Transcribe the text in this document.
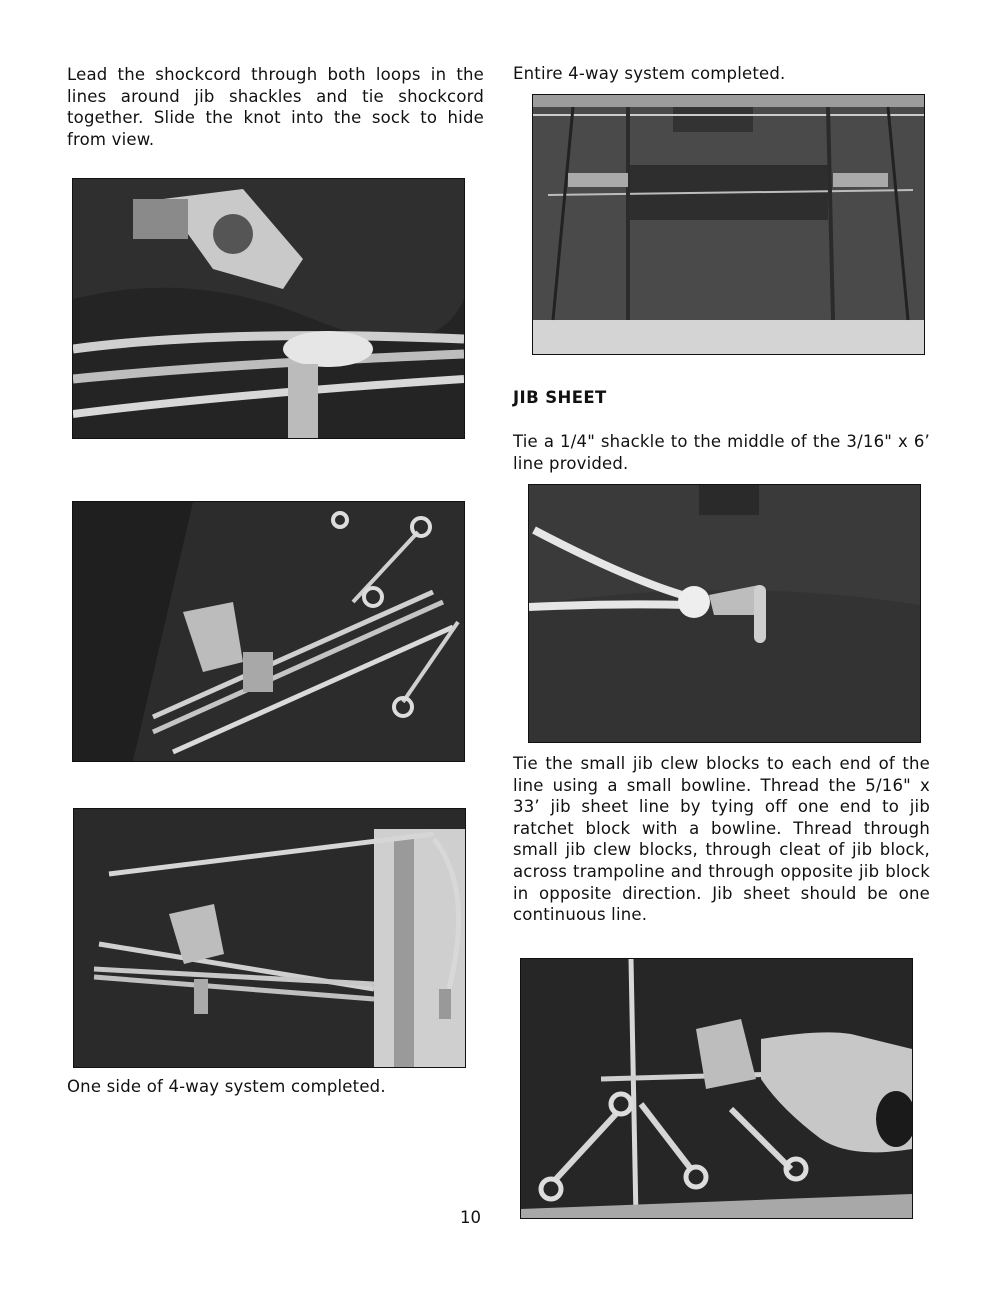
Lead the shockcord through both loops in the lines around jib shackles and tie shockcord together. Slide the knot into the sock to hide from view.

One side of 4-way system completed.

Entire 4-way system completed.

JIB SHEET

Tie a 1/4" shackle to the middle of the 3/16" x 6’ line provided.

Tie the small jib clew blocks to each end of the line using a small bowline. Thread the 5/16" x 33’ jib sheet line by tying off one end to jib ratchet block with a bowline. Thread through small jib clew blocks, through cleat of jib block, across trampoline and through opposite jib block in opposite direction. Jib sheet should be one continuous line.

10
